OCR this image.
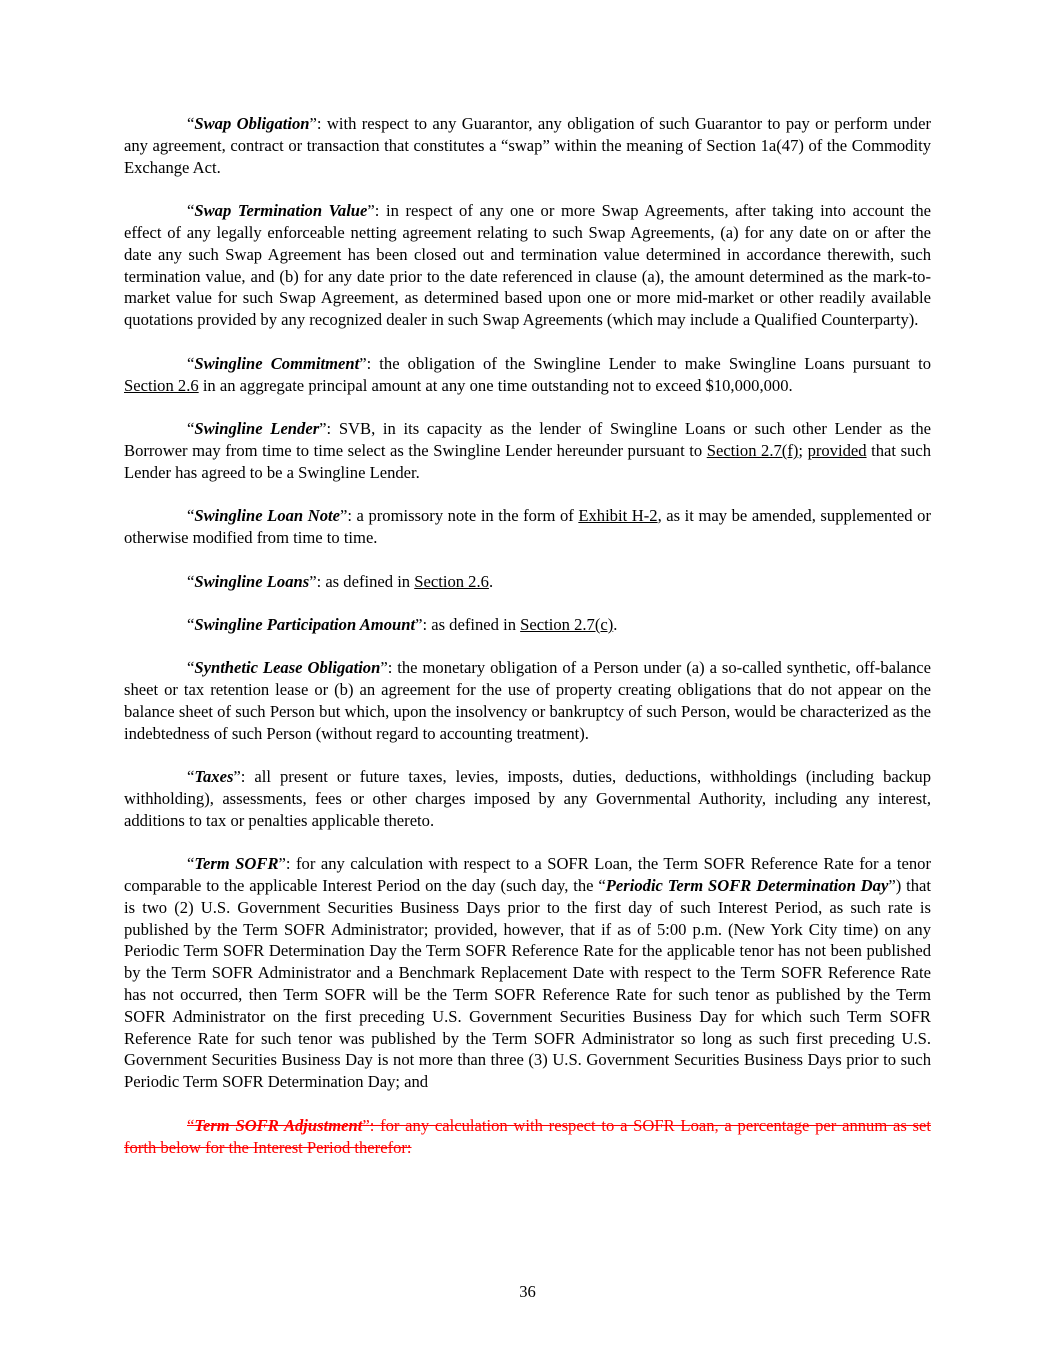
“Swap Obligation”: with respect to any Guarantor, any obligation of such Guarantor to pay or perform under any agreement, contract or transaction that constitutes a “swap” within the meaning of Section 1a(47) of the Commodity Exchange Act.

“Swap Termination Value”: in respect of any one or more Swap Agreements, after taking into account the effect of any legally enforceable netting agreement relating to such Swap Agreements, (a) for any date on or after the date any such Swap Agreement has been closed out and termination value determined in accordance therewith, such termination value, and (b) for any date prior to the date referenced in clause (a), the amount determined as the mark-to-market value for such Swap Agreement, as determined based upon one or more mid-market or other readily available quotations provided by any recognized dealer in such Swap Agreements (which may include a Qualified Counterparty).

“Swingline Commitment”: the obligation of the Swingline Lender to make Swingline Loans pursuant to Section 2.6 in an aggregate principal amount at any one time outstanding not to exceed $10,000,000.

“Swingline Lender”: SVB, in its capacity as the lender of Swingline Loans or such other Lender as the Borrower may from time to time select as the Swingline Lender hereunder pursuant to Section 2.7(f); provided that such Lender has agreed to be a Swingline Lender.

“Swingline Loan Note”: a promissory note in the form of Exhibit H-2, as it may be amended, supplemented or otherwise modified from time to time.

“Swingline Loans”: as defined in Section 2.6.

“Swingline Participation Amount”: as defined in Section 2.7(c).

“Synthetic Lease Obligation”: the monetary obligation of a Person under (a) a so-called synthetic, off-balance sheet or tax retention lease or (b) an agreement for the use of property creating obligations that do not appear on the balance sheet of such Person but which, upon the insolvency or bankruptcy of such Person, would be characterized as the indebtedness of such Person (without regard to accounting treatment).

“Taxes”: all present or future taxes, levies, imposts, duties, deductions, withholdings (including backup withholding), assessments, fees or other charges imposed by any Governmental Authority, including any interest, additions to tax or penalties applicable thereto.

“Term SOFR”: for any calculation with respect to a SOFR Loan, the Term SOFR Reference Rate for a tenor comparable to the applicable Interest Period on the day (such day, the “Periodic Term SOFR Determination Day”) that is two (2) U.S. Government Securities Business Days prior to the first day of such Interest Period, as such rate is published by the Term SOFR Administrator; provided, however, that if as of 5:00 p.m. (New York City time) on any Periodic Term SOFR Determination Day the Term SOFR Reference Rate for the applicable tenor has not been published by the Term SOFR Administrator and a Benchmark Replacement Date with respect to the Term SOFR Reference Rate has not occurred, then Term SOFR will be the Term SOFR Reference Rate for such tenor as published by the Term SOFR Administrator on the first preceding U.S. Government Securities Business Day for which such Term SOFR Reference Rate for such tenor was published by the Term SOFR Administrator so long as such first preceding U.S. Government Securities Business Day is not more than three (3) U.S. Government Securities Business Days prior to such Periodic Term SOFR Determination Day; and

“Term SOFR Adjustment”: for any calculation with respect to a SOFR Loan, a percentage per annum as set forth below for the Interest Period therefor:

36
